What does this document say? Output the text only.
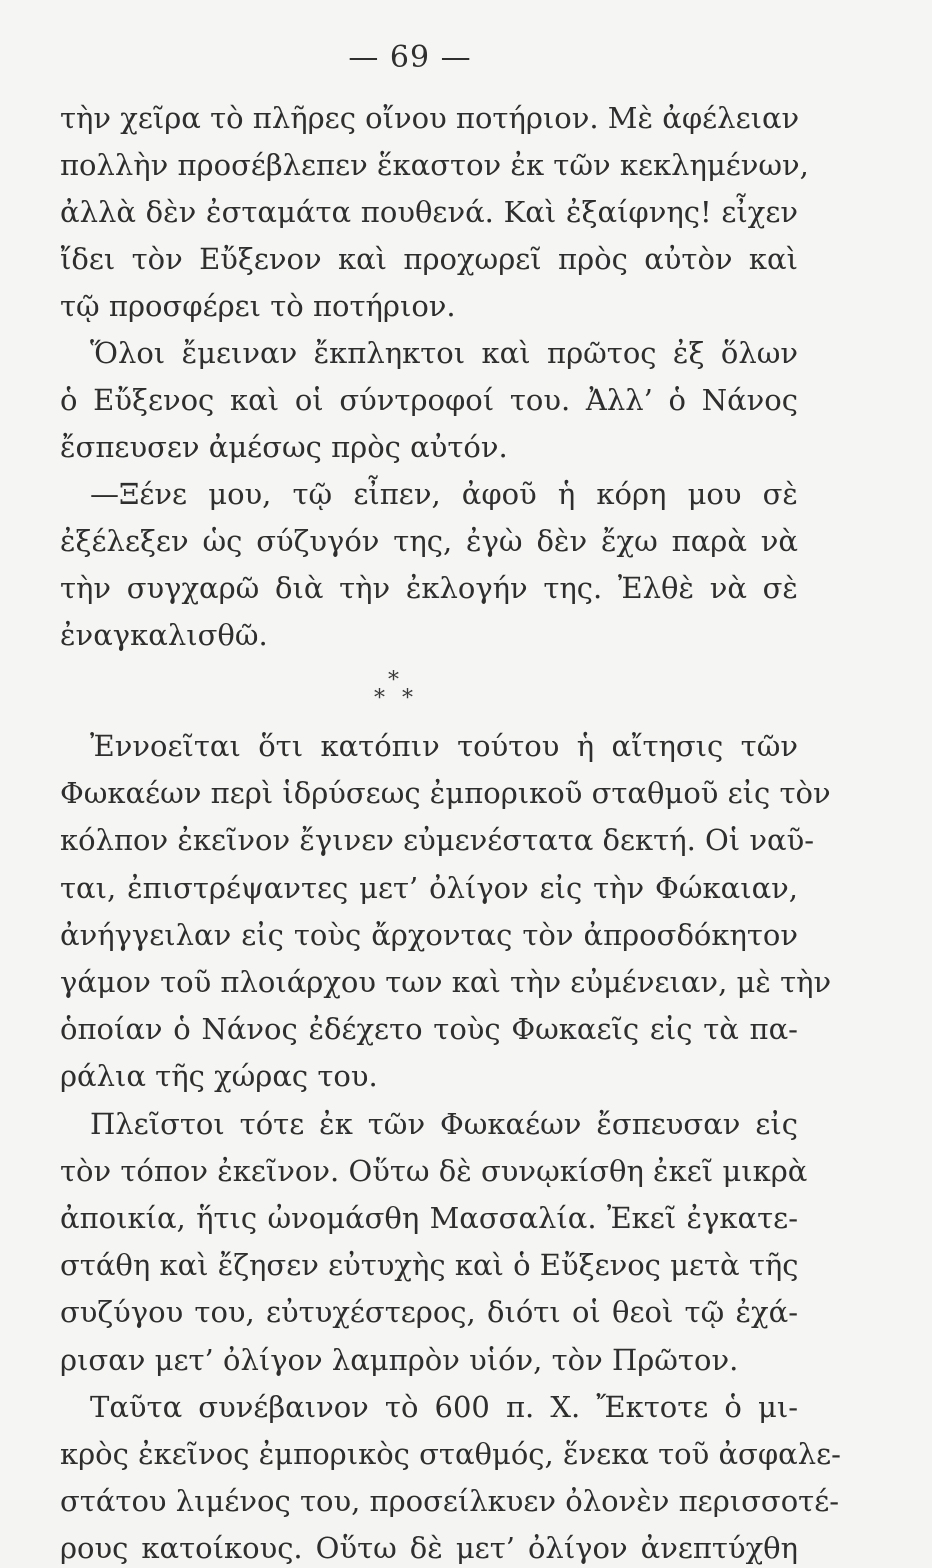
— 69 —
τὴν χεῖρα τὸ πλῆρες οἴνου ποτήριον. Μὲ ἀφέλειαν
πολλὴν προσέβλεπεν ἕκαστον ἐκ τῶν κεκλημένων,
ἀλλὰ δὲν ἐσταμάτα πουθενά. Καὶ ἐξαίφνης! εἶχεν
ἴδει τὸν Εὔξενον καὶ προχωρεῖ πρὸς αὐτὸν καὶ
τῷ προσφέρει τὸ ποτήριον.
Ὅλοι ἔμειναν ἔκπληκτοι καὶ πρῶτος ἐξ ὅλων
ὁ Εὔξενος καὶ οἱ σύντροφοί του. Ἀλλ’ ὁ Νάνος
ἔσπευσεν ἀμέσως πρὸς αὐτόν.
—Ξένε μου, τῷ εἶπεν, ἀφοῦ ἡ κόρη μου σὲ
ἐξέλεξεν ὡς σύζυγόν της, ἐγὼ δὲν ἔχω παρὰ νὰ
τὴν συγχαρῶ διὰ τὴν ἐκλογήν της. Ἐλθὲ νὰ σὲ
ἐναγκαλισθῶ.
*
* *
Ἐννοεῖται ὅτι κατόπιν τούτου ἡ αἴτησις τῶν
Φωκαέων περὶ ἱδρύσεως ἐμπορικοῦ σταθμοῦ εἰς τὸν
κόλπον ἐκεῖνον ἔγινεν εὐμενέστατα δεκτή. Οἱ ναῦ-
ται, ἐπιστρέψαντες μετ’ ὀλίγον εἰς τὴν Φώκαιαν,
ἀνήγγειλαν εἰς τοὺς ἄρχοντας τὸν ἀπροσδόκητον
γάμον τοῦ πλοιάρχου των καὶ τὴν εὐμένειαν, μὲ τὴν
ὁποίαν ὁ Νάνος ἐδέχετο τοὺς Φωκαεῖς εἰς τὰ πα-
ράλια τῆς χώρας του.
Πλεῖστοι τότε ἐκ τῶν Φωκαέων ἔσπευσαν εἰς
τὸν τόπον ἐκεῖνον. Οὕτω δὲ συνῳκίσθη ἐκεῖ μικρὰ
ἀποικία, ἥτις ὠνομάσθη Μασσαλία. Ἐκεῖ ἐγκατε-
στάθη καὶ ἔζησεν εὐτυχὴς καὶ ὁ Εὔξενος μετὰ τῆς
συζύγου του, εὐτυχέστερος, διότι οἱ θεοὶ τῷ ἐχά-
ρισαν μετ’ ὀλίγον λαμπρὸν υἱόν, τὸν Πρῶτον.
Ταῦτα συνέβαινον τὸ 600 π. Χ. Ἔκτοτε ὁ μι-
κρὸς ἐκεῖνος ἐμπορικὸς σταθμός, ἕνεκα τοῦ ἀσφαλε-
στάτου λιμένος του, προσείλκυεν ὀλονὲν περισσοτέ-
ρους κατοίκους. Οὕτω δὲ μετ’ ὀλίγον ἀνεπτύχθη
